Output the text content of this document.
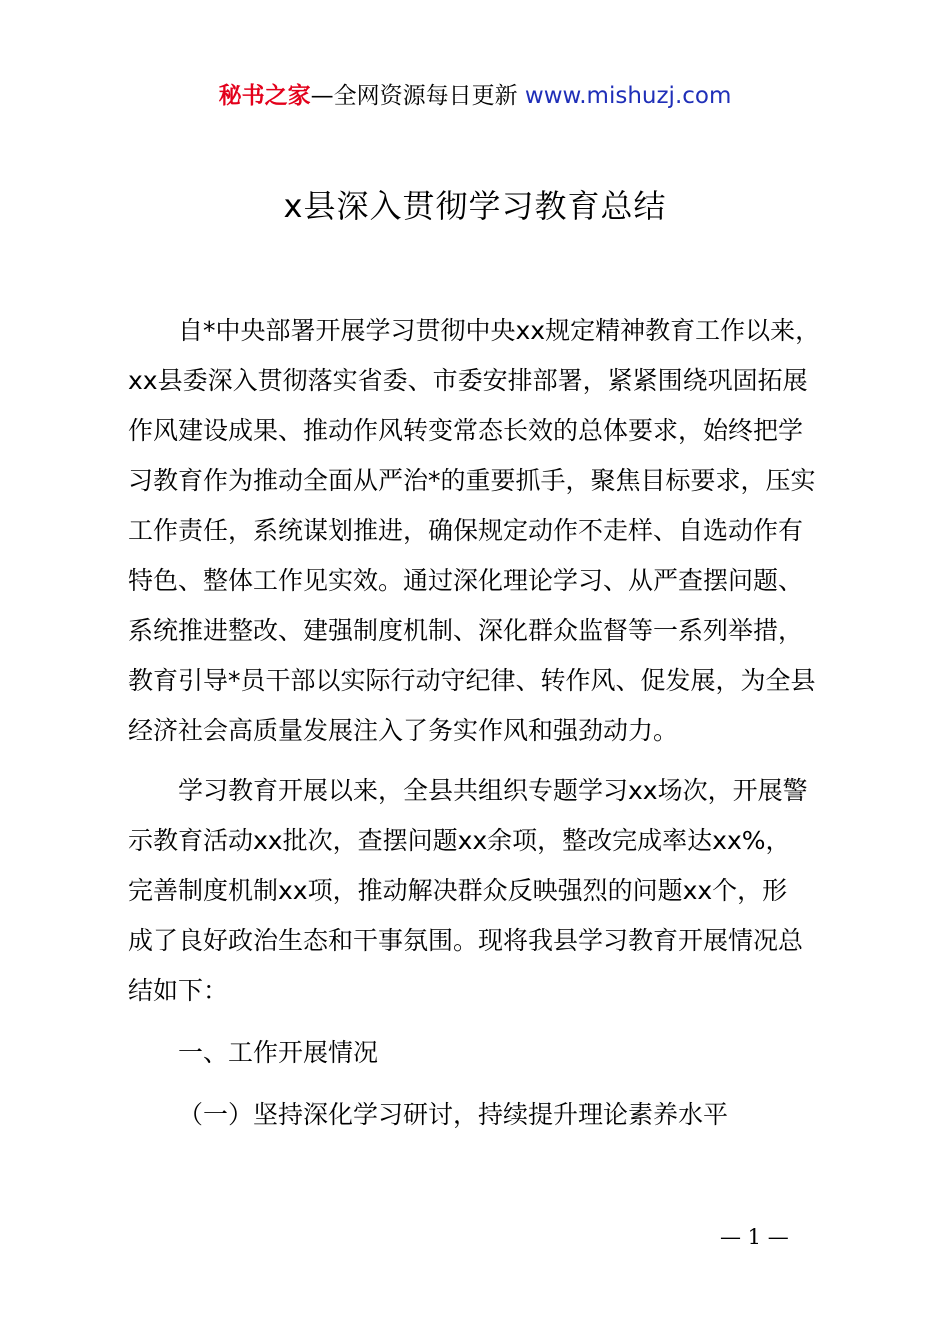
秘书之家—全网资源每日更新 www.mishuzj.com
x县深入贯彻学习教育总结
　　自*中央部署开展学习贯彻中央xx规定精神教育工作以来，
xx县委深入贯彻落实省委、市委安排部署，紧紧围绕巩固拓展
作风建设成果、推动作风转变常态长效的总体要求，始终把学
习教育作为推动全面从严治*的重要抓手，聚焦目标要求，压实
工作责任，系统谋划推进，确保规定动作不走样、自选动作有
特色、整体工作见实效。通过深化理论学习、从严查摆问题、
系统推进整改、建强制度机制、深化群众监督等一系列举措，
教育引导*员干部以实际行动守纪律、转作风、促发展，为全县
经济社会高质量发展注入了务实作风和强劲动力。
　　学习教育开展以来，全县共组织专题学习xx场次，开展警
示教育活动xx批次，查摆问题xx余项，整改完成率达xx%，
完善制度机制xx项，推动解决群众反映强烈的问题xx个，形
成了良好政治生态和干事氛围。现将我县学习教育开展情况总
结如下：
一、工作开展情况
（一）坚持深化学习研讨，持续提升理论素养水平
— 1 —
